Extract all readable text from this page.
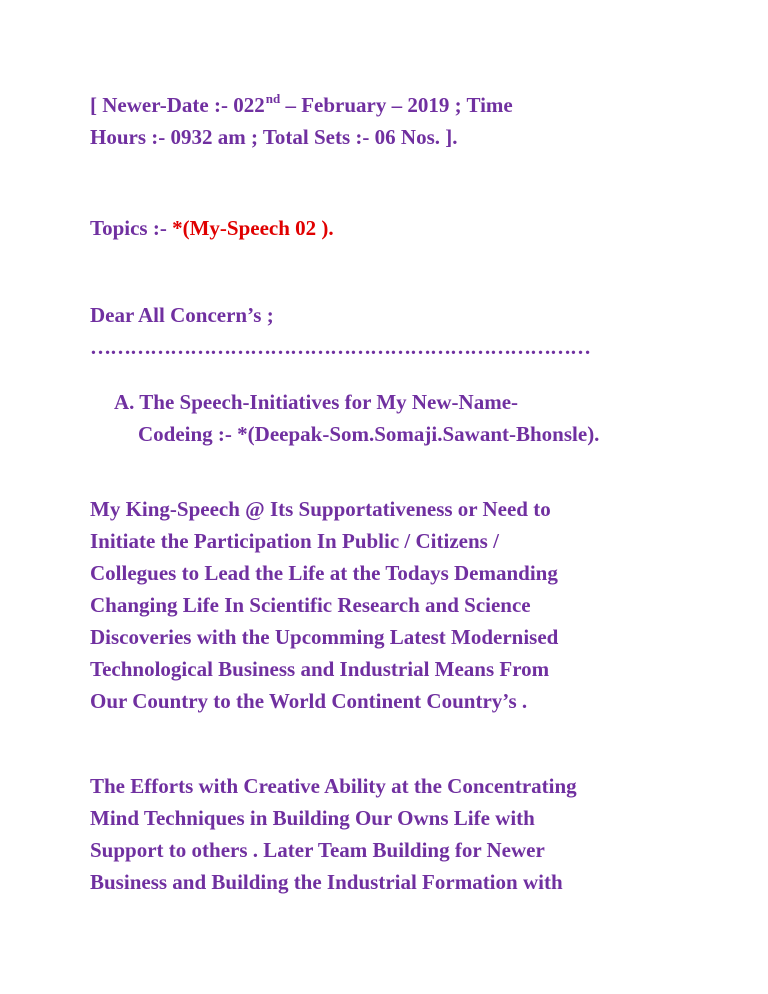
[ Newer-Date :- 022nd – February – 2019 ; Time
Hours :- 0932 am ; Total Sets :- 06 Nos. ].
Topics :- *(My-Speech 02 ).
Dear All Concern’s ;
…………………………………………………………………
A. The Speech-Initiatives for My New-Name-
Codeing :- *(Deepak-Som.Somaji.Sawant-Bhonsle).
My King-Speech @ Its Supportativeness or Need to
Initiate the Participation In Public / Citizens /
Collegues to Lead the Life at the Todays Demanding
Changing Life In Scientific Research and Science
Discoveries with the Upcomming Latest Modernised
Technological Business and Industrial Means From
Our Country to the World Continent Country’s .
The Efforts with Creative Ability at the Concentrating
Mind Techniques in Building Our Owns Life with
Support to others . Later Team Building for Newer
Business and Building the Industrial Formation with
